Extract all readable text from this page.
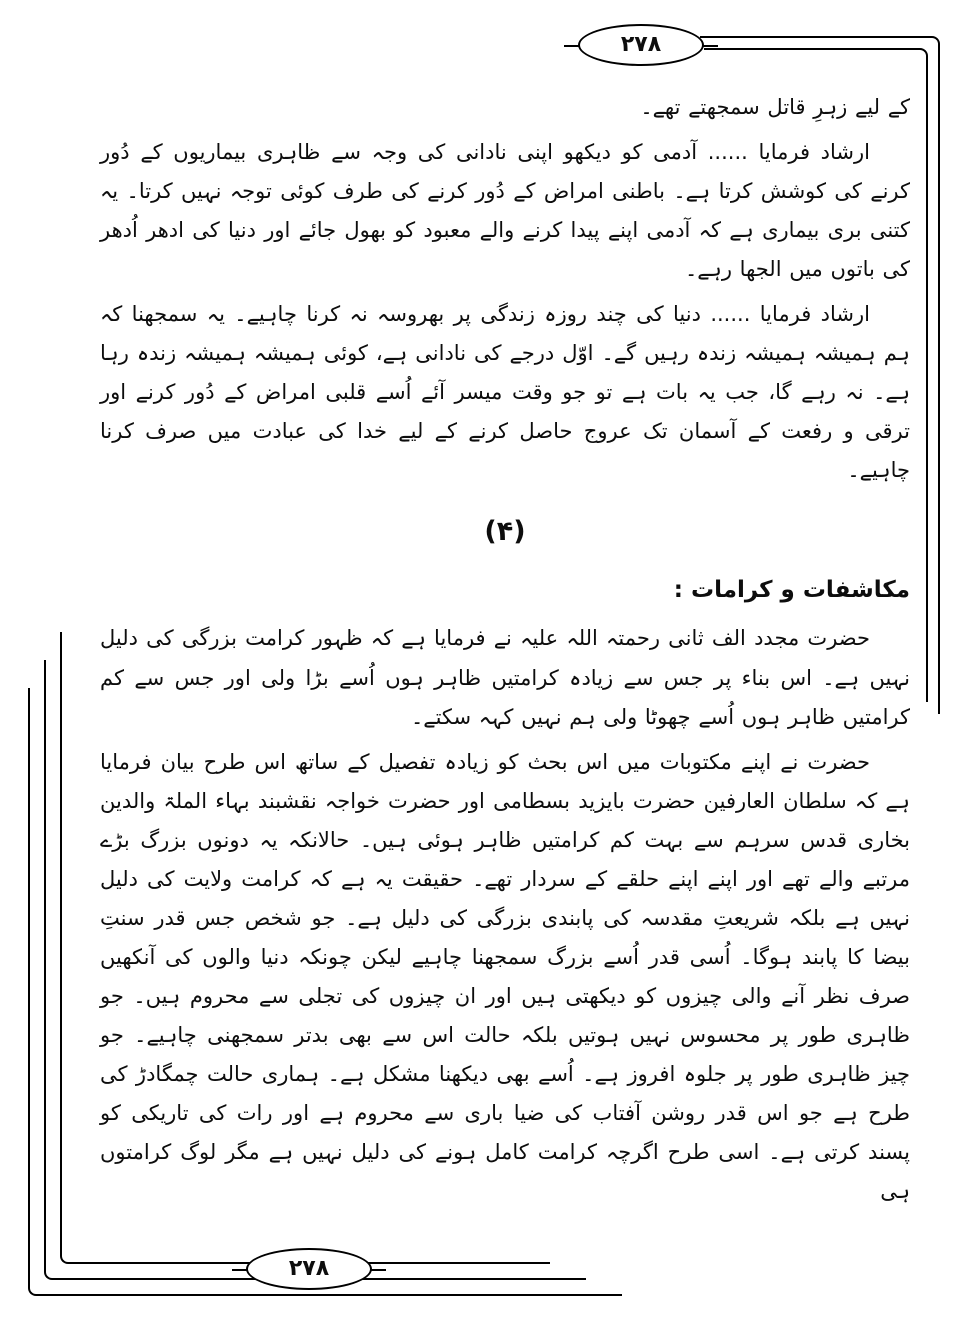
۲۷۸
۲۷۸

کے لیے زہرِ قاتل سمجھتے تھے۔

ارشاد فرمایا ...... آدمی کو دیکھو اپنی نادانی کی وجہ سے ظاہری بیماریوں کے دُور کرنے کی کوشش کرتا ہے۔ باطنی امراض کے دُور کرنے کی طرف کوئی توجہ نہیں کرتا۔ یہ کتنی بری بیماری ہے کہ آدمی اپنے پیدا کرنے والے معبود کو بھول جائے اور دنیا کی ادھر اُدھر کی باتوں میں الجھا رہے۔

ارشاد فرمایا ...... دنیا کی چند روزہ زندگی پر بھروسہ نہ کرنا چاہیے۔ یہ سمجھنا کہ ہم ہمیشہ ہمیشہ زندہ رہیں گے۔ اوّل درجے کی نادانی ہے، کوئی ہمیشہ ہمیشہ زندہ رہا ہے۔ نہ رہے گا، جب یہ بات ہے تو جو وقت میسر آئے اُسے قلبی امراض کے دُور کرنے اور ترقی و رفعت کے آسمان تک عروج حاصل کرنے کے لیے خدا کی عبادت میں صرف کرنا چاہیے۔

(۴)
مکاشفات و کرامات :

حضرت مجدد الف ثانی رحمتہ اللہ علیہ نے فرمایا ہے کہ ظہور کرامت بزرگی کی دلیل نہیں ہے۔ اس بناء پر جس سے زیادہ کرامتیں ظاہر ہوں اُسے بڑا ولی اور جس سے کم کرامتیں ظاہر ہوں اُسے چھوٹا ولی ہم نہیں کہہ سکتے۔

حضرت نے اپنے مکتوبات میں اس بحث کو زیادہ تفصیل کے ساتھ اس طرح بیان فرمایا ہے کہ سلطان العارفین حضرت بایزید بسطامی اور حضرت خواجہ نقشبند بہاء الملۃ والدین بخاری قدس سرہم سے بہت کم کرامتیں ظاہر ہوئی ہیں۔ حالانکہ یہ دونوں بزرگ بڑے مرتبے والے تھے اور اپنے اپنے حلقے کے سردار تھے۔ حقیقت یہ ہے کہ کرامت ولایت کی دلیل نہیں ہے بلکہ شریعتِ مقدسہ کی پابندی بزرگی کی دلیل ہے۔ جو شخص جس قدر سنتِ بیضا کا پابند ہوگا۔ اُسی قدر اُسے بزرگ سمجھنا چاہیے لیکن چونکہ دنیا والوں کی آنکھیں صرف نظر آنے والی چیزوں کو دیکھتی ہیں اور ان چیزوں کی تجلی سے محروم ہیں۔ جو ظاہری طور پر محسوس نہیں ہوتیں بلکہ حالت اس سے بھی بدتر سمجھنی چاہیے۔ جو چیز ظاہری طور پر جلوہ افروز ہے۔ اُسے بھی دیکھنا مشکل ہے۔ ہماری حالت چمگادڑ کی طرح ہے جو اس قدر روشن آفتاب کی ضیا باری سے محروم ہے اور رات کی تاریکی کو پسند کرتی ہے۔ اسی طرح اگرچہ کرامت کامل ہونے کی دلیل نہیں ہے مگر لوگ کرامتوں ہی
